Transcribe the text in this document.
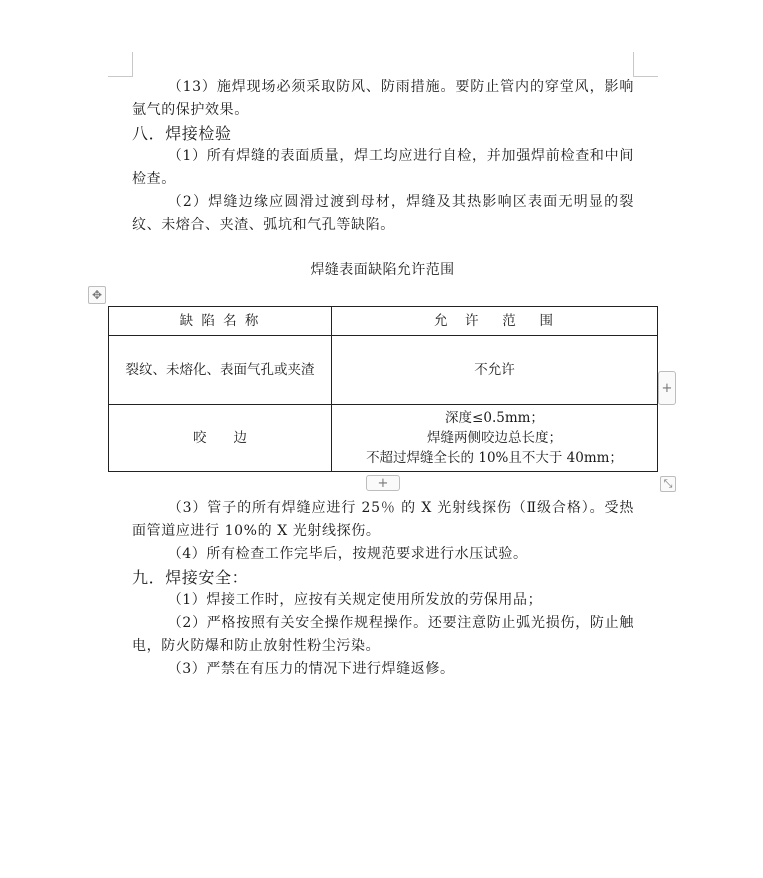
（13）施焊现场必须采取防风、防雨措施。要防止管内的穿堂风，影响氩气的保护效果。

八．焊接检验

（1）所有焊缝的表面质量，焊工均应进行自检，并加强焊前检查和中间检查。

（2）焊缝边缘应圆滑过渡到母材，焊缝及其热影响区表面无明显的裂纹、未熔合、夹渣、弧坑和气孔等缺陷。

焊缝表面缺陷允许范围
✥
缺 陷 名 称	允　许　 范　 围
裂纹、未熔化、表面气孔或夹渣	不允许

咬　　边	深度≤0.5mm；
焊缝两侧咬边总长度；
不超过焊缝全长的 10%且不大于 40mm；
+
+	⤡

（3）管子的所有焊缝应进行 25％ 的 X 光射线探伤（Ⅱ级合格）。受热面管道应进行 10%的 X 光射线探伤。

（4）所有检查工作完毕后，按规范要求进行水压试验。

九．焊接安全：

（1）焊接工作时，应按有关规定使用所发放的劳保用品；

（2）严格按照有关安全操作规程操作。还要注意防止弧光损伤，防止触电，防火防爆和防止放射性粉尘污染。

（3）严禁在有压力的情况下进行焊缝返修。
